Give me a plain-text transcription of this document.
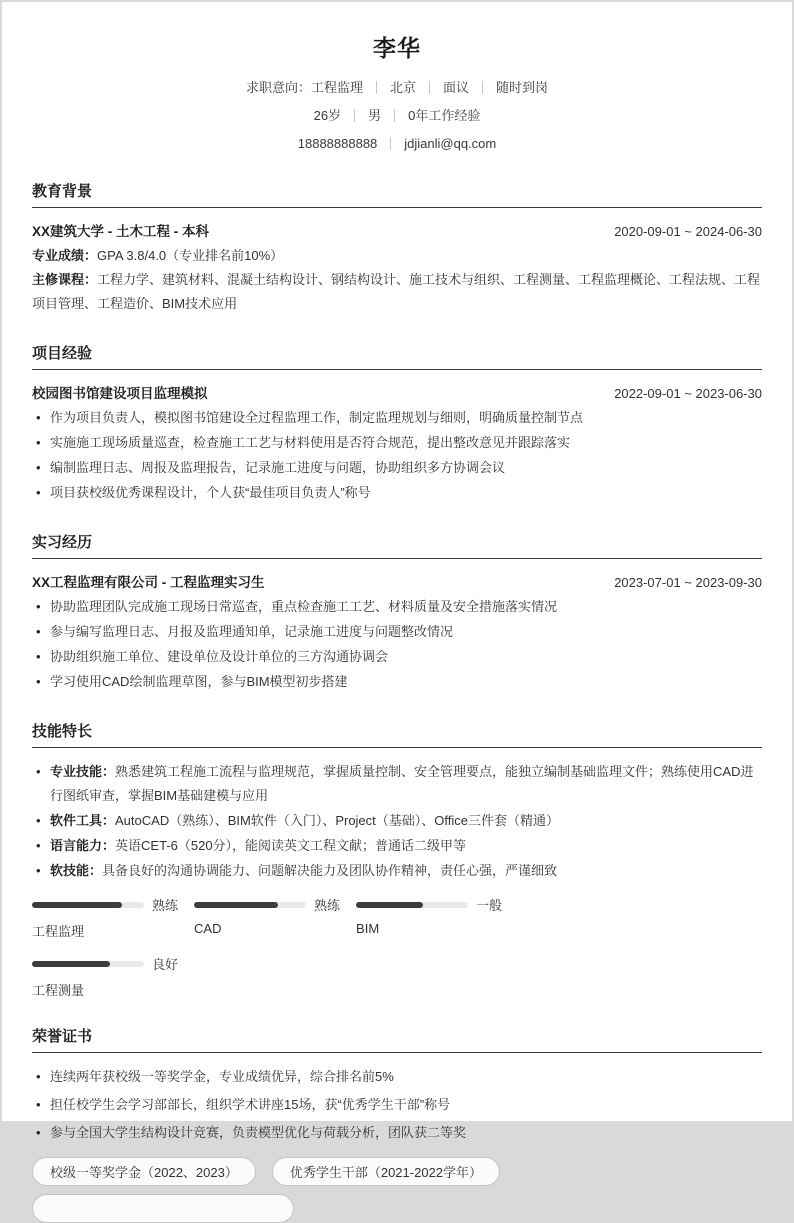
李华
求职意向：工程监理 北京 面议 随时到岗
26岁 男 0年工作经验
18888888888 jdjianli@qq.com
教育背景
XX建筑大学 - 土木工程 - 本科	2020-09-01 ~ 2024-06-30

专业成绩：GPA 3.8/4.0（专业排名前10%）

主修课程：工程力学、建筑材料、混凝土结构设计、钢结构设计、施工技术与组织、工程测量、工程监理概论、工程法规、工程项目管理、工程造价、BIM技术应用

项目经验
校园图书馆建设项目监理模拟	2022-09-01 ~ 2023-06-30
• 作为项目负责人，模拟图书馆建设全过程监理工作，制定监理规划与细则，明确质量控制节点
• 实施施工现场质量巡查，检查施工工艺与材料使用是否符合规范，提出整改意见并跟踪落实
• 编制监理日志、周报及监理报告，记录施工进度与问题，协助组织多方协调会议
• 项目获校级优秀课程设计，个人获“最佳项目负责人”称号
实习经历
XX工程监理有限公司 - 工程监理实习生	2023-07-01 ~ 2023-09-30
• 协助监理团队完成施工现场日常巡查，重点检查施工工艺、材料质量及安全措施落实情况
• 参与编写监理日志、月报及监理通知单，记录施工进度与问题整改情况
• 协助组织施工单位、建设单位及设计单位的三方沟通协调会
• 学习使用CAD绘制监理草图，参与BIM模型初步搭建
技能特长
• 专业技能：熟悉建筑工程施工流程与监理规范，掌握质量控制、安全管理要点，能独立编制基础监理文件；熟练使用CAD进行图纸审查，掌握BIM基础建模与应用
• 软件工具：AutoCAD（熟练）、BIM软件（入门）、Project（基础）、Office三件套（精通）
• 语言能力：英语CET-6（520分），能阅读英文工程文献；普通话二级甲等
• 软技能：具备良好的沟通协调能力、问题解决能力及团队协作精神，责任心强，严谨细致
熟练
工程监理
熟练
CAD
一般
BIM
良好
工程测量
荣誉证书
• 连续两年获校级一等奖学金，专业成绩优异，综合排名前5%
• 担任校学生会学习部部长，组织学术讲座15场，获“优秀学生干部”称号
• 参与全国大学生结构设计竞赛，负责模型优化与荷载分析，团队获二等奖
校级一等奖学金（2022、2023）	优秀学生干部（2021-2022学年）
